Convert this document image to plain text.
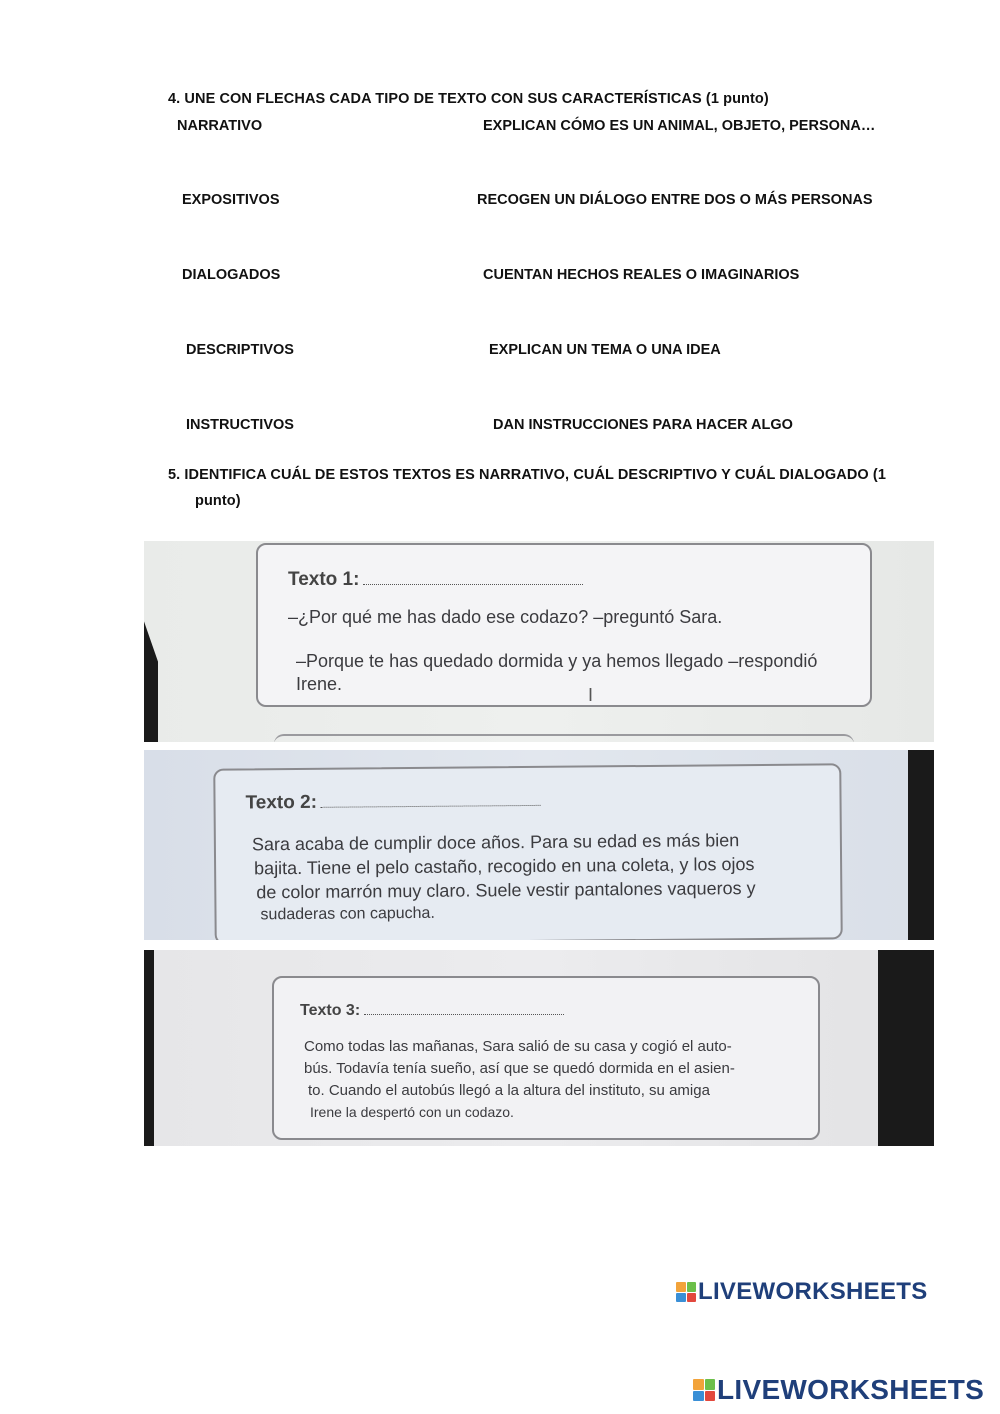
4. UNE CON FLECHAS CADA TIPO DE TEXTO CON SUS CARACTERÍSTICAS (1 punto)
NARRATIVO
EXPOSITIVOS
DIALOGADOS
DESCRIPTIVOS
INSTRUCTIVOS
EXPLICAN CÓMO ES UN ANIMAL, OBJETO, PERSONA…
RECOGEN UN DIÁLOGO ENTRE DOS O MÁS PERSONAS
CUENTAN HECHOS REALES O IMAGINARIOS
EXPLICAN UN TEMA O UNA IDEA
DAN INSTRUCCIONES PARA HACER ALGO
5. IDENTIFICA CUÁL DE ESTOS TEXTOS ES NARRATIVO, CUÁL DESCRIPTIVO Y CUÁL DIALOGADO (1
punto)
Texto 1:

–¿Por qué me has dado ese codazo? –preguntó Sara.

–Porque te has quedado dormida y ya hemos llegado –respondió

Irene.

I
Texto 2:

Sara acaba de cumplir doce años. Para su edad es más bien

bajita. Tiene el pelo castaño, recogido en una coleta, y los ojos

de color marrón muy claro. Suele vestir pantalones vaqueros y

sudaderas con capucha.

Texto 3:

Como todas las mañanas, Sara salió de su casa y cogió el auto-

bús. Todavía tenía sueño, así que se quedó dormida en el asien-

to. Cuando el autobús llegó a la altura del instituto, su amiga

Irene la despertó con un codazo.

LIVEWORKSHEETS
LIVEWORKSHEETS
